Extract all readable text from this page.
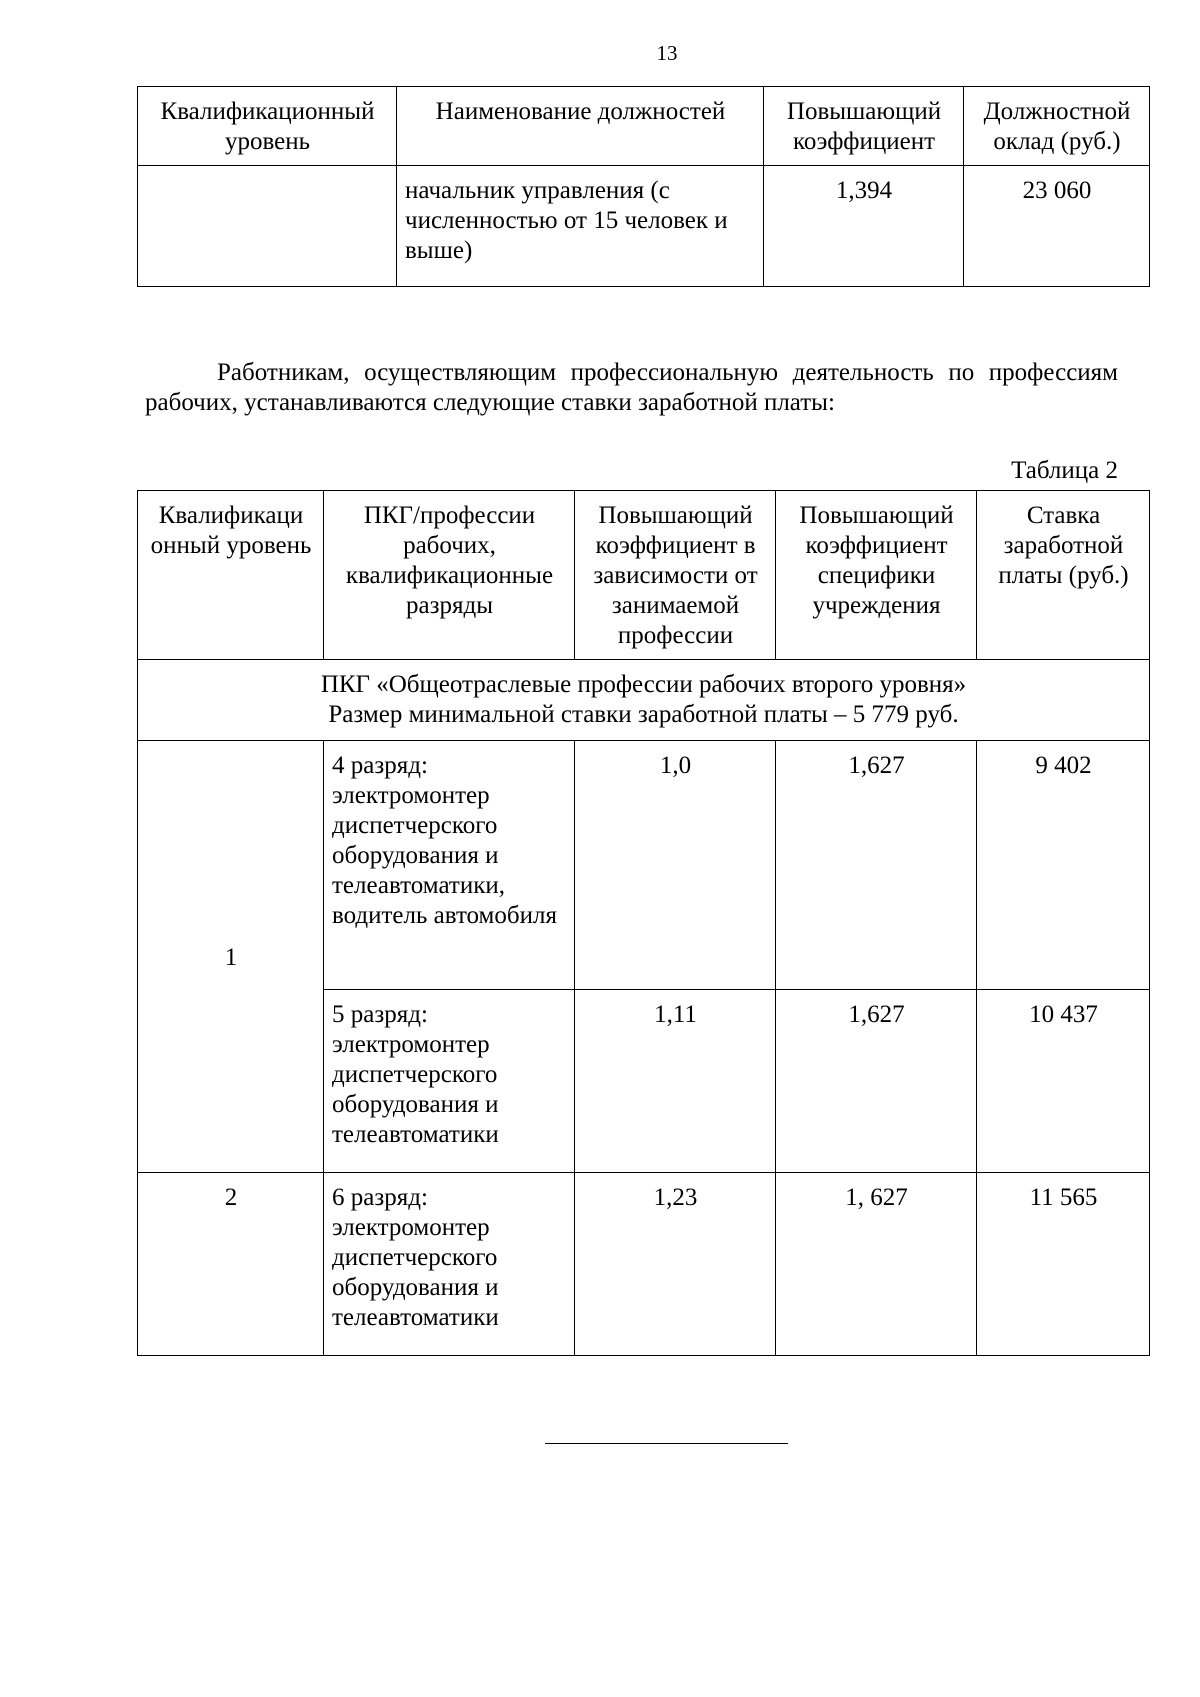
13
Квалификационный уровень	Наименование должностей	Повышающий коэффициент	Должностной оклад (руб.)
	начальник управления (с численностью от 15 человек и выше)	1,394	23 060

Работникам, осуществляющим профессиональную деятельность по профессиям рабочих, устанавливаются следующие ставки заработной платы:

Таблица 2
Квалификаци онный уровень	ПКГ/профессии рабочих, квалификационные разряды	Повышающий коэффициент в зависимости от занимаемой профессии	Повышающий коэффициент специфики учреждения	Ставка заработной платы (руб.)

ПКГ «Общеотраслевые профессии рабочих второго уровня»
Размер минимальной ставки заработной платы – 5 779 руб.				

1	4 разряд: электромонтер диспетчерского оборудования и телеавтоматики, водитель автомобиля	1,0	1,627	9 402
	5 разряд: электромонтер диспетчерского оборудования и телеавтоматики	1,11	1,627	10 437
2	6 разряд: электромонтер диспетчерского оборудования и телеавтоматики	1,23	1, 627	11 565
